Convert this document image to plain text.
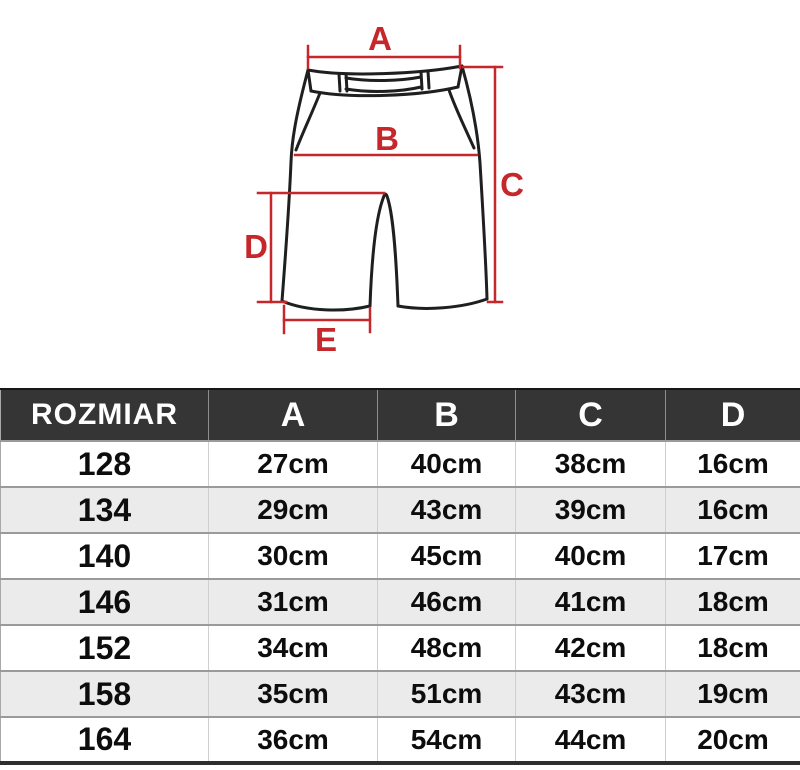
A
B
C
D
E
ROZMIAR	A	B	C	D
128	27cm	40cm	38cm	16cm
134	29cm	43cm	39cm	16cm
140	30cm	45cm	40cm	17cm
146	31cm	46cm	41cm	18cm
152	34cm	48cm	42cm	18cm
158	35cm	51cm	43cm	19cm
164	36cm	54cm	44cm	20cm
